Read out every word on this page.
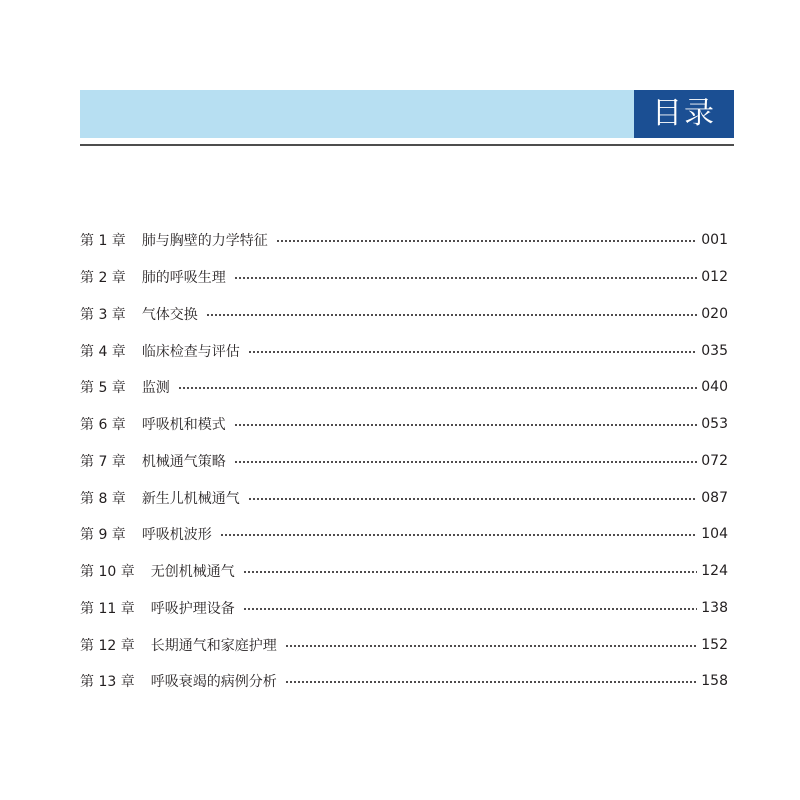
目录
第 1 章 肺与胸壁的力学特征	001
第 2 章 肺的呼吸生理	012
第 3 章 气体交换	020
第 4 章 临床检查与评估	035
第 5 章 监测	040
第 6 章 呼吸机和模式	053
第 7 章 机械通气策略	072
第 8 章 新生儿机械通气	087
第 9 章 呼吸机波形	104
第 10 章 无创机械通气	124
第 11 章 呼吸护理设备	138
第 12 章 长期通气和家庭护理	152
第 13 章 呼吸衰竭的病例分析	158
